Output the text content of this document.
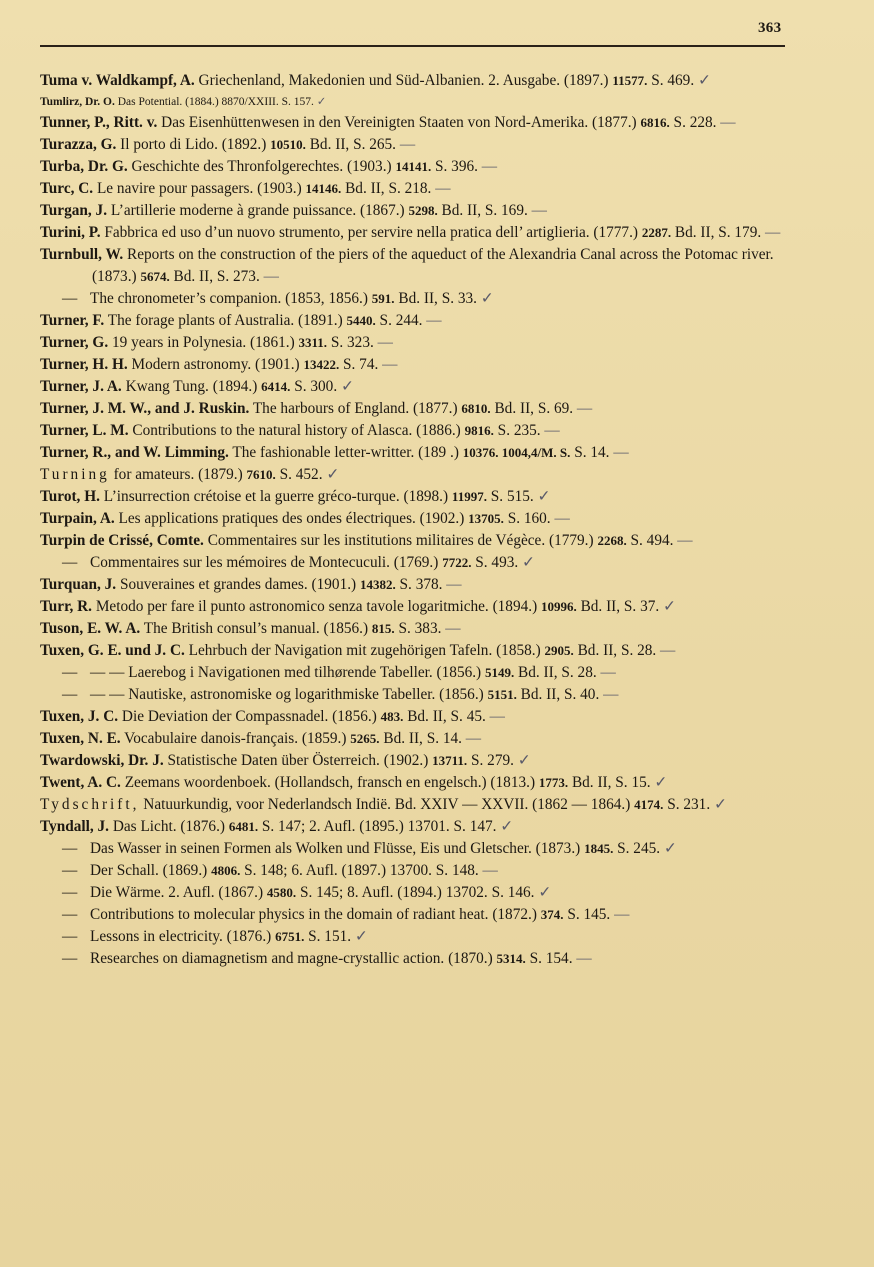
363
Tuma v. Waldkampf, A. Griechenland, Makedonien und Süd-Albanien. 2. Ausgabe. (1897.) 11577. S. 469. ✓
Tumlirz, Dr. O. Das Potential. (1884.) 8870/XXIII. S. 157. ✓
Tunner, P., Ritt. v. Das Eisenhüttenwesen in den Vereinigten Staaten von Nord-Amerika. (1877.) 6816. S. 228. —
Turazza, G. Il porto di Lido. (1892.) 10510. Bd. II, S. 265. —
Turba, Dr. G. Geschichte des Thronfolgerechtes. (1903.) 14141. S. 396. —
Turc, C. Le navire pour passagers. (1903.) 14146. Bd. II, S. 218. —
Turgan, J. L’artillerie moderne à grande puissance. (1867.) 5298. Bd. II, S. 169. —
Turini, P. Fabbrica ed uso d’un nuovo strumento, per servire nella pratica dell’ artiglieria. (1777.) 2287. Bd. II, S. 179. —
Turnbull, W. Reports on the construction of the piers of the aqueduct of the Alexandria Canal across the Potomac river. (1873.) 5674. Bd. II, S. 273. —
— The chronometer’s companion. (1853, 1856.) 591. Bd. II, S. 33. ✓
Turner, F. The forage plants of Australia. (1891.) 5440. S. 244. —
Turner, G. 19 years in Polynesia. (1861.) 3311. S. 323. —
Turner, H. H. Modern astronomy. (1901.) 13422. S. 74. —
Turner, J. A. Kwang Tung. (1894.) 6414. S. 300. ✓
Turner, J. M. W., and J. Ruskin. The harbours of England. (1877.) 6810. Bd. II, S. 69. —
Turner, L. M. Contributions to the natural history of Alasca. (1886.) 9816. S. 235. —
Turner, R., and W. Limming. The fashionable letter-writter. (189 .) 10376. 1004,4/M. S. S. 14. —
Turning for amateurs. (1879.) 7610. S. 452. ✓
Turot, H. L’insurrection crétoise et la guerre gréco-turque. (1898.) 11997. S. 515. ✓
Turpain, A. Les applications pratiques des ondes électriques. (1902.) 13705. S. 160. —
Turpin de Crissé, Comte. Commentaires sur les institutions militaires de Végèce. (1779.) 2268. S. 494. —
— Commentaires sur les mémoires de Montecuculi. (1769.) 7722. S. 493. ✓
Turquan, J. Souveraines et grandes dames. (1901.) 14382. S. 378. —
Turr, R. Metodo per fare il punto astronomico senza tavole logaritmiche. (1894.) 10996. Bd. II, S. 37. ✓
Tuson, E. W. A. The British consul’s manual. (1856.) 815. S. 383. —
Tuxen, G. E. und J. C. Lehrbuch der Navigation mit zugehörigen Tafeln. (1858.) 2905. Bd. II, S. 28. —
— — — Laerebog i Navigationen med tilhørende Tabeller. (1856.) 5149. Bd. II, S. 28. —
— — — Nautiske, astronomiske og logarithmiske Tabeller. (1856.) 5151. Bd. II, S. 40. —
Tuxen, J. C. Die Deviation der Compassnadel. (1856.) 483. Bd. II, S. 45. —
Tuxen, N. E. Vocabulaire danois-français. (1859.) 5265. Bd. II, S. 14. —
Twardowski, Dr. J. Statistische Daten über Österreich. (1902.) 13711. S. 279. ✓
Twent, A. C. Zeemans woordenboek. (Hollandsch, fransch en engelsch.) (1813.) 1773. Bd. II, S. 15. ✓
Tydschrift, Natuurkundig, voor Nederlandsch Indië. Bd. XXIV — XXVII. (1862 — 1864.) 4174. S. 231. ✓
Tyndall, J. Das Licht. (1876.) 6481. S. 147; 2. Aufl. (1895.) 13701. S. 147. ✓
— Das Wasser in seinen Formen als Wolken und Flüsse, Eis und Gletscher. (1873.) 1845. S. 245. ✓
— Der Schall. (1869.) 4806. S. 148; 6. Aufl. (1897.) 13700. S. 148. —
— Die Wärme. 2. Aufl. (1867.) 4580. S. 145; 8. Aufl. (1894.) 13702. S. 146. ✓
— Contributions to molecular physics in the domain of radiant heat. (1872.) 374. S. 145. —
— Lessons in electricity. (1876.) 6751. S. 151. ✓
— Researches on diamagnetism and magne-crystallic action. (1870.) 5314. S. 154. —
